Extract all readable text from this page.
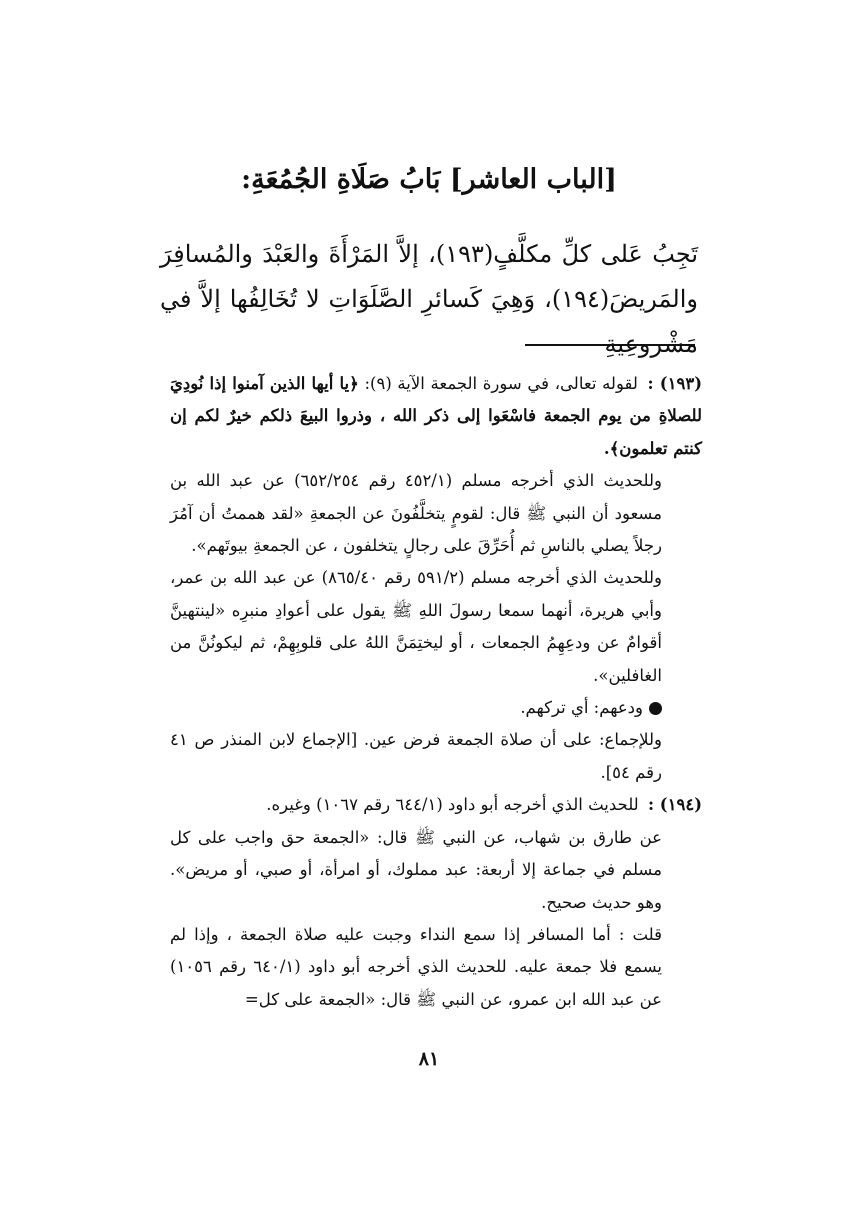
[الباب العاشر] بَابُ صَلَاةِ الجُمُعَةِ:

تَجِبُ عَلى كلِّ مكلَّفٍ(١٩٣)، إلاَّ المَرْأَةَ والعَبْدَ والمُسافِرَ

والمَريضَ(١٩٤)، وَهِيَ كَسائرِ الصَّلَوَاتِ لا تُخَالِفُها إلاَّ في مَشْروعِيةِ

(١٩٣) : لقوله تعالى، في سورة الجمعة الآية (٩): ﴿يا أيها الذين آمنوا إذا نُودِيَ للصلاةِ من يوم الجمعة فاسْعَوا إلى ذكر الله ، وذروا البيعَ ذلكم خيرٌ لكم إن كنتم تعلمون﴾.

وللحديث الذي أخرجه مسلم (٤٥٢/١ رقم ٦٥٢/٢٥٤) عن عبد الله بن مسعود أن النبي ﷺ قال: لقومٍ يتخلَّفُونَ عن الجمعةِ «لقد هممتُ أن آمُرَ رجلاً يصلي بالناسِ ثم أُحَرِّقَ على رجالٍ يتخلفون ، عن الجمعةِ بيوتَهم».

وللحديث الذي أخرجه مسلم (٥٩١/٢ رقم ٨٦٥/٤٠) عن عبد الله بن عمر، وأبي هريرة، أنهما سمعا رسولَ اللهِ ﷺ يقول على أعوادِ منبرِه «لينتهينَّ أقوامٌ عن ودعِهِمُ الجمعات ، أو ليختِمَنَّ اللهُ على قلوبِهِمْ، ثم ليكونُنَّ من الغافلين».

ودعهم: أي تركهم.

وللإجماع: على أن صلاة الجمعة فرض عين. [الإجماع لابن المنذر ص ٤١ رقم ٥٤].

(١٩٤) : للحديث الذي أخرجه أبو داود (٦٤٤/١ رقم ١٠٦٧) وغيره.

عن طارق بن شهاب، عن النبي ﷺ قال: «الجمعة حق واجب على كل مسلم في جماعة إلا أربعة: عبد مملوك، أو امرأة، أو صبي، أو مريض». وهو حديث صحيح.

قلت : أما المسافر إذا سمع النداء وجبت عليه صلاة الجمعة ، وإذا لم يسمع فلا جمعة عليه. للحديث الذي أخرجه أبو داود (٦٤٠/١ رقم ١٠٥٦) عن عبد الله ابن عمرو، عن النبي ﷺ قال: «الجمعة على كل=

٨١
